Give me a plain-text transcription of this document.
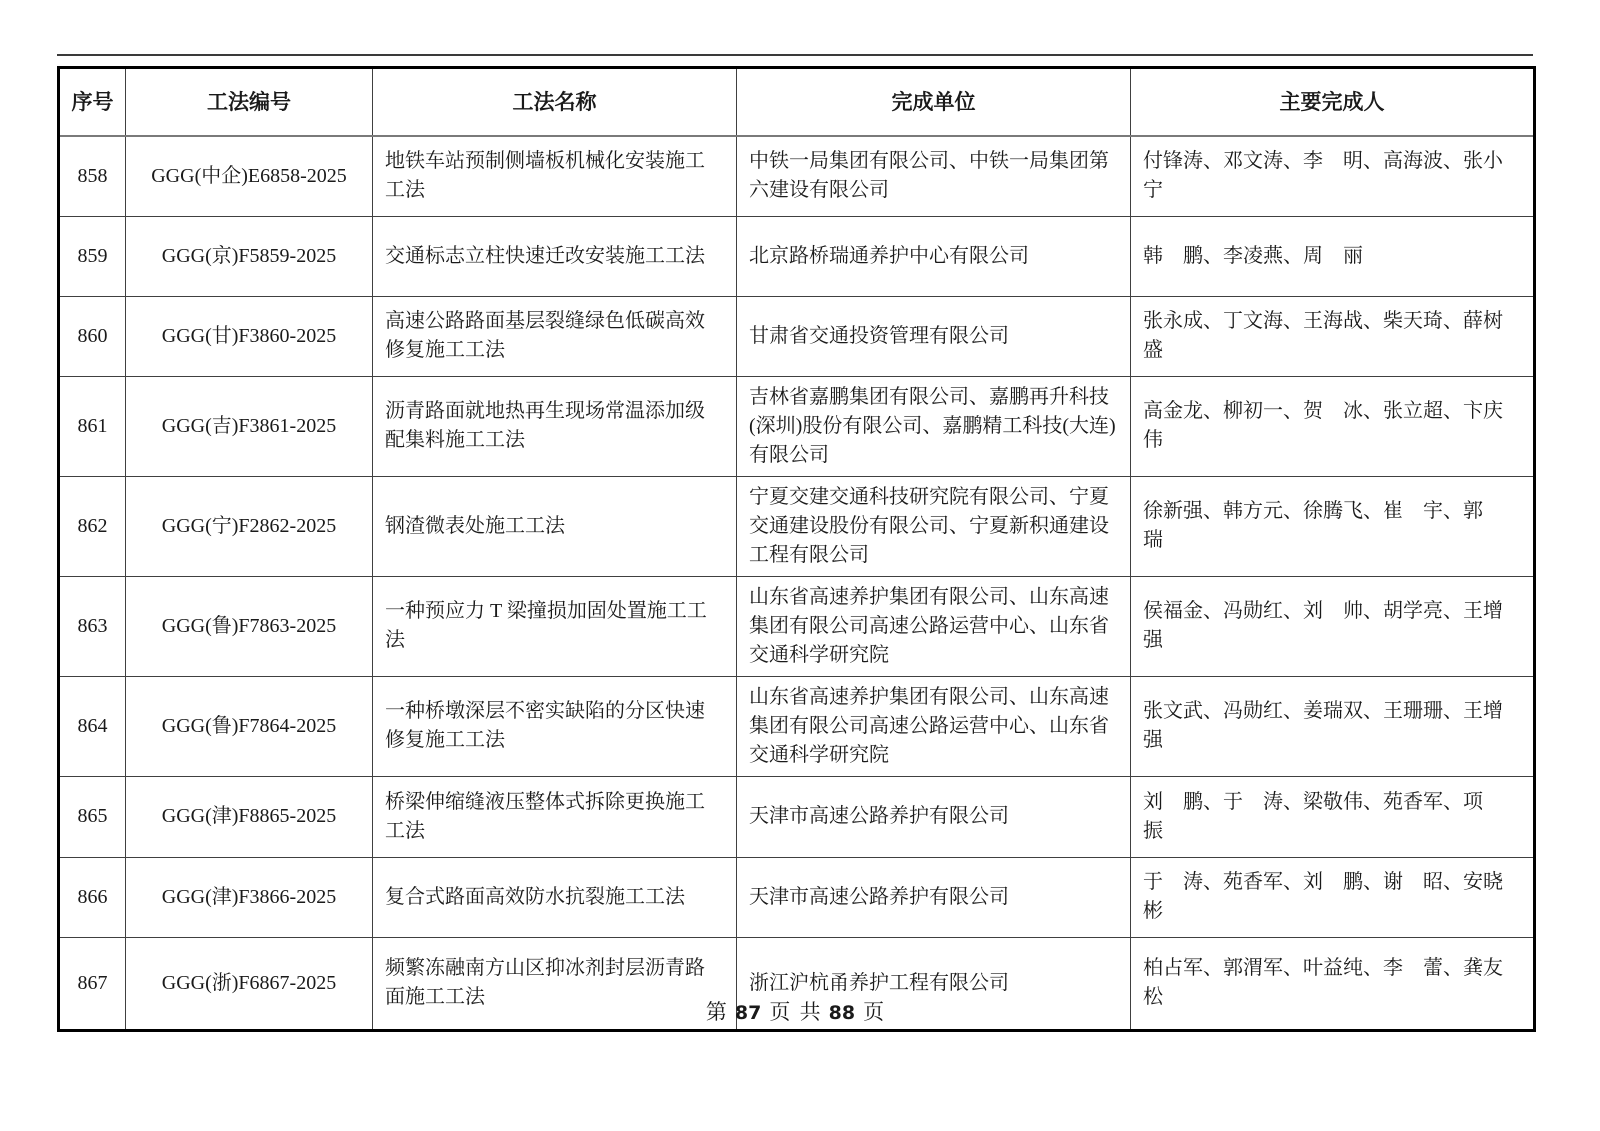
序号	工法编号	工法名称	完成单位	主要完成人
858	GGG(中企)E6858-2025	地铁车站预制侧墙板机械化安装施工工法	中铁一局集团有限公司、中铁一局集团第六建设有限公司	付锋涛、邓文涛、李　明、高海波、张小宁
859	GGG(京)F5859-2025	交通标志立柱快速迁改安装施工工法	北京路桥瑞通养护中心有限公司	韩　鹏、李凌燕、周　丽
860	GGG(甘)F3860-2025	高速公路路面基层裂缝绿色低碳高效修复施工工法	甘肃省交通投资管理有限公司	张永成、丁文海、王海战、柴天琦、薛树盛
861	GGG(吉)F3861-2025	沥青路面就地热再生现场常温添加级配集料施工工法	吉林省嘉鹏集团有限公司、嘉鹏再升科技(深圳)股份有限公司、嘉鹏精工科技(大连)有限公司	高金龙、柳初一、贺　冰、张立超、卞庆伟
862	GGG(宁)F2862-2025	钢渣微表处施工工法	宁夏交建交通科技研究院有限公司、宁夏交通建设股份有限公司、宁夏新积通建设工程有限公司	徐新强、韩方元、徐腾飞、崔　宇、郭　瑞
863	GGG(鲁)F7863-2025	一种预应力 T 梁撞损加固处置施工工法	山东省高速养护集团有限公司、山东高速集团有限公司高速公路运营中心、山东省交通科学研究院	侯福金、冯勋红、刘　帅、胡学亮、王增强
864	GGG(鲁)F7864-2025	一种桥墩深层不密实缺陷的分区快速修复施工工法	山东省高速养护集团有限公司、山东高速集团有限公司高速公路运营中心、山东省交通科学研究院	张文武、冯勋红、姜瑞双、王珊珊、王增强
865	GGG(津)F8865-2025	桥梁伸缩缝液压整体式拆除更换施工工法	天津市高速公路养护有限公司	刘　鹏、于　涛、梁敬伟、苑香军、项　振
866	GGG(津)F3866-2025	复合式路面高效防水抗裂施工工法	天津市高速公路养护有限公司	于　涛、苑香军、刘　鹏、谢　昭、安晓彬
867	GGG(浙)F6867-2025	频繁冻融南方山区抑冰剂封层沥青路面施工工法	浙江沪杭甬养护工程有限公司	柏占军、郭渭军、叶益纯、李　蕾、龚友松
第 87 页 共 88 页
